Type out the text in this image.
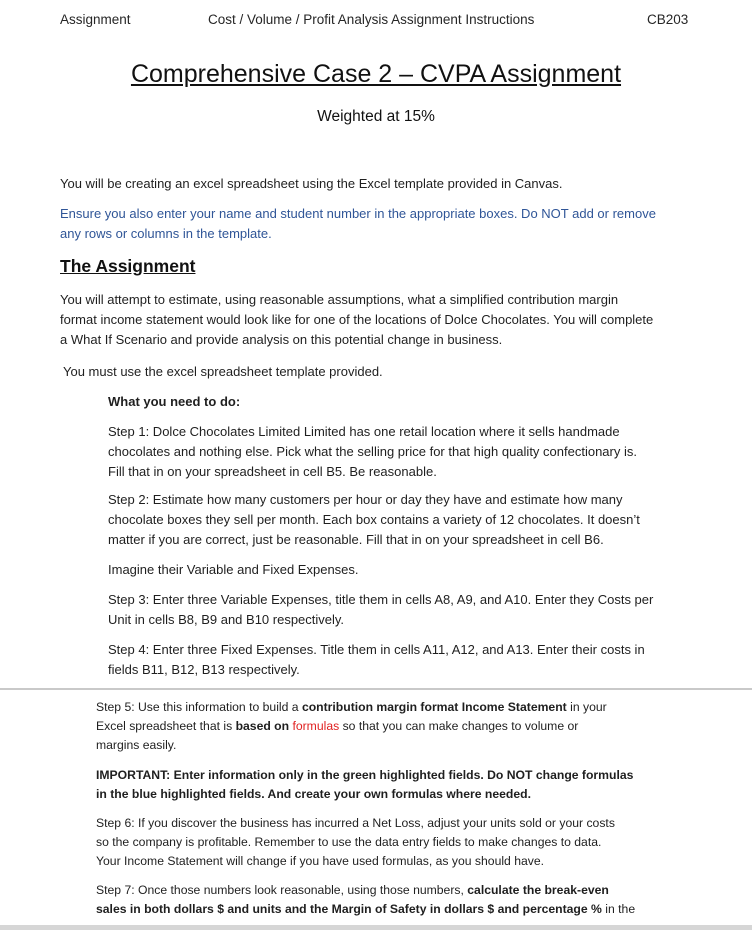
Assignment	Cost / Volume / Profit Analysis Assignment Instructions	CB203
Comprehensive Case 2 – CVPA Assignment
Weighted at 15%
You will be creating an excel spreadsheet using the Excel template provided in Canvas.
Ensure you also enter your name and student number in the appropriate boxes. Do NOT add or remove
any rows or columns in the template.
The Assignment
You will attempt to estimate, using reasonable assumptions, what a simplified contribution margin
format income statement would look like for one of the locations of Dolce Chocolates. You will complete
a What If Scenario and provide analysis on this potential change in business.
You must use the excel spreadsheet template provided.
What you need to do:
Step 1: Dolce Chocolates Limited Limited has one retail location where it sells handmade
chocolates and nothing else. Pick what the selling price for that high quality confectionary is.
Fill that in on your spreadsheet in cell B5. Be reasonable.
Step 2: Estimate how many customers per hour or day they have and estimate how many
chocolate boxes they sell per month. Each box contains a variety of 12 chocolates. It doesn’t
matter if you are correct, just be reasonable. Fill that in on your spreadsheet in cell B6.
Imagine their Variable and Fixed Expenses.
Step 3: Enter three Variable Expenses, title them in cells A8, A9, and A10. Enter they Costs per
Unit in cells B8, B9 and B10 respectively.
Step 4: Enter three Fixed Expenses. Title them in cells A11, A12, and A13. Enter their costs in
fields B11, B12, B13 respectively.
Step 5: Use this information to build a contribution margin format Income Statement in your
Excel spreadsheet that is based on formulas so that you can make changes to volume or
margins easily.
IMPORTANT: Enter information only in the green highlighted fields. Do NOT change formulas
in the blue highlighted fields. And create your own formulas where needed.
Step 6: If you discover the business has incurred a Net Loss, adjust your units sold or your costs
so the company is profitable. Remember to use the data entry fields to make changes to data.
Your Income Statement will change if you have used formulas, as you should have.
Step 7: Once those numbers look reasonable, using those numbers, calculate the break-even
sales in both dollars $ and units and the Margin of Safety in dollars $ and percentage % in the
